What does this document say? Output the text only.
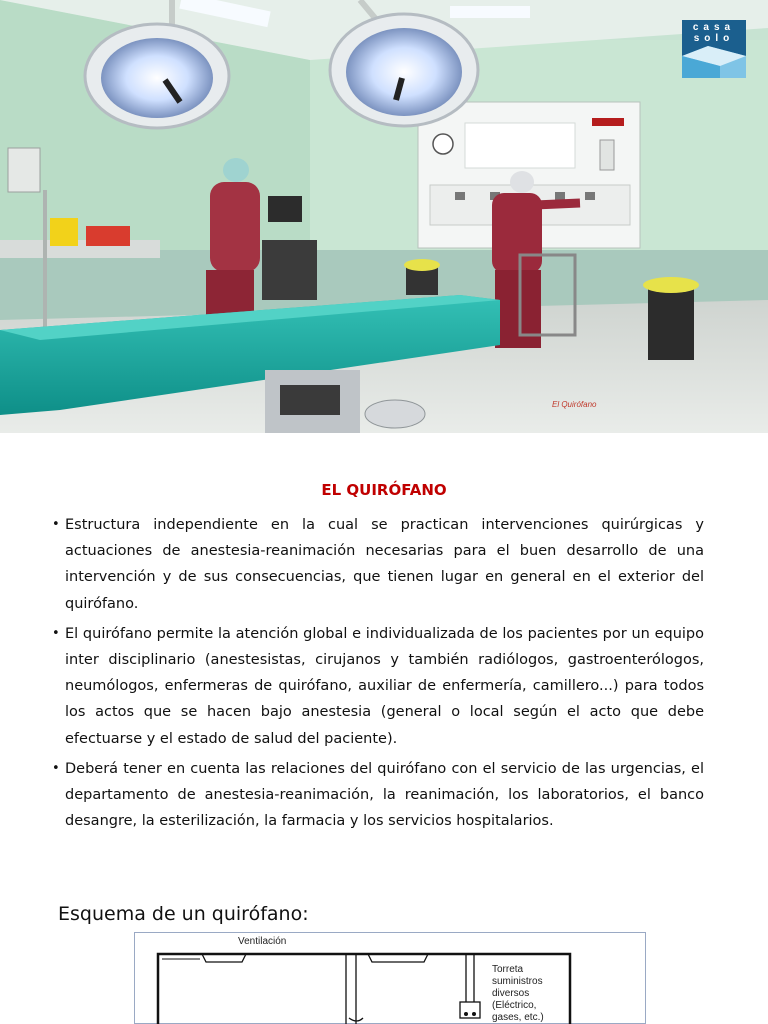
casa
solo
El Quirófano
EL QUIRÓFANO
• Estructura independiente en la cual se practican intervenciones quirúrgicas y actuaciones de anestesia-reanimación necesarias para el buen desarrollo de una intervención y de sus consecuencias, que tienen lugar en general en el exterior del quirófano.
• El quirófano permite la atención global e individualizada de los pacientes por un equipo inter disciplinario (anestesistas, cirujanos y también radiólogos, gastroenterólogos, neumólogos, enfermeras de quirófano, auxiliar de enfermería, camillero...) para todos los actos que se hacen bajo anestesia (general o local según el acto que debe efectuarse y el estado de salud del paciente).
• Deberá tener en cuenta las relaciones del quirófano con el servicio de las urgencias, el departamento de anestesia-reanimación, la reanimación, los laboratorios, el banco desangre, la esterilización, la farmacia y los servicios hospitalarios.
Esquema de un quirófano:
Ventilación
Torreta
suministros
diversos
(Eléctrico,
gases, etc.)
